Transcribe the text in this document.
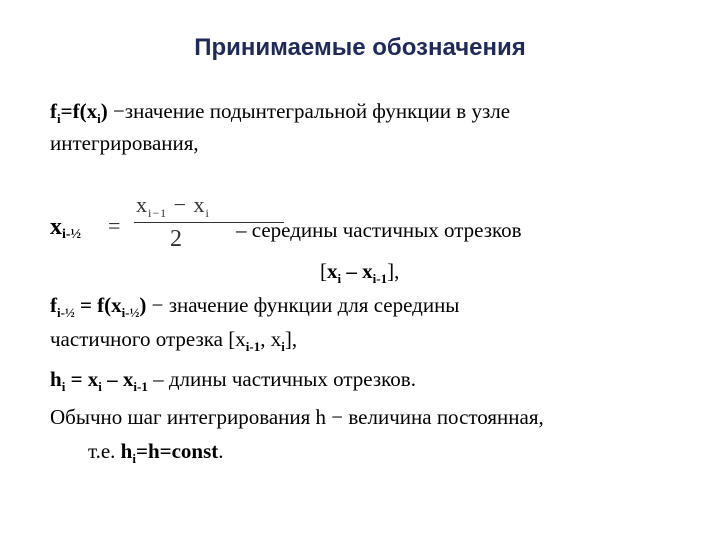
Принимаемые обозначения
$f_i=f(x_i)$ −значение подынтегральной функции в узле
интегрирования,
$x_{i-\frac{1}{2}}$ =
$x_{i-1} - x_i$
2	– середины частичных отрезков
$[x_i - x_{i-1}]$,
$f_{i-\frac{1}{2}} = f(x_{i-\frac{1}{2}})$ − значение функции для середины
частичного отрезка [$x_{i-1}$, $x_i$],
$h_i = x_i - x_{i-1}$ – длины частичных отрезков.
Обычно шаг интегрирования h − величина постоянная,
т.е. $h_i=h=const$.
